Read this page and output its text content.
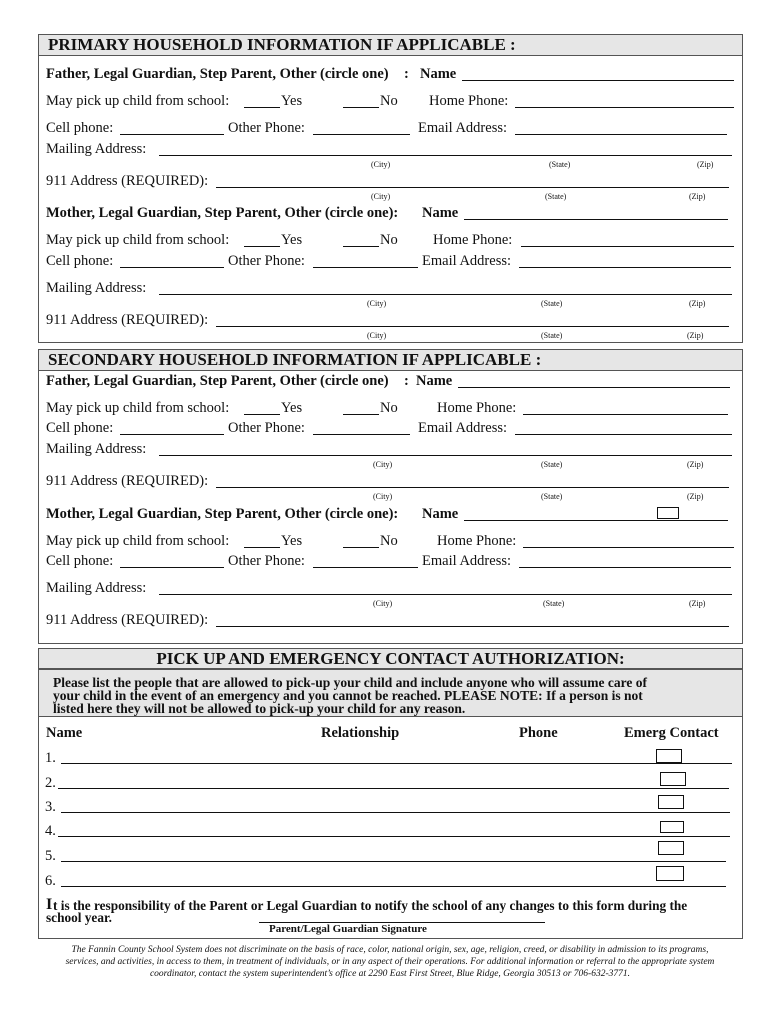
PRIMARY HOUSEHOLD INFORMATION IF APPLICABLE :
Father, Legal Guardian, Step Parent, Other (circle one) : Name
May pick up child from school:	Yes	No Home Phone:
Cell phone:	Other Phone:	Email Address:
Mailing Address:
(City)	(State)	(Zip)
911 Address (REQUIRED):
(City)	(State)	(Zip)
Mother, Legal Guardian, Step Parent, Other (circle one): Name
May pick up child from school:	Yes	No Home Phone:
Cell phone:	Other Phone:	Email Address:
Mailing Address:
(City)	(State)	(Zip)
911 Address (REQUIRED):
(City)	(State)	(Zip)
SECONDARY HOUSEHOLD INFORMATION IF APPLICABLE :
Father, Legal Guardian, Step Parent, Other (circle one) : Name
May pick up child from school:	Yes	No	Home Phone:
Cell phone:	Other Phone:	Email Address:
Mailing Address:
(City)	(State)	(Zip)
911 Address (REQUIRED):
(City)	(State)	(Zip)
Mother, Legal Guardian, Step Parent, Other (circle one): Name
May pick up child from school:	Yes	No	Home Phone:
Cell phone:	Other Phone:	Email Address:
Mailing Address:
(City)	(State)	(Zip)
911 Address (REQUIRED):
PICK UP AND EMERGENCY CONTACT AUTHORIZATION:
Please list the people that are allowed to pick-up your child and include anyone who will assume care of
your child in the event of an emergency and you cannot be reached. PLEASE NOTE: If a person is not
listed here they will not be allowed to pick-up your child for any reason.
Name	Relationship	Phone	Emerg Contact
1.
2.
3.
4.
5.
6.
I t is the responsibility of the Parent or Legal Guardian to notify the school of any changes to this form during the
school year.
Parent/Legal Guardian Signature
The Fannin County School System does not discriminate on the basis of race, color, national origin, sex, age, religion, creed, or disability in admission to its programs,
services, and activities, in access to them, in treatment of individuals, or in any aspect of their operations. For additional information or referral to the appropriate system
coordinator, contact the system superintendent’s office at 2290 East First Street, Blue Ridge, Georgia 30513 or 706-632-3771.
